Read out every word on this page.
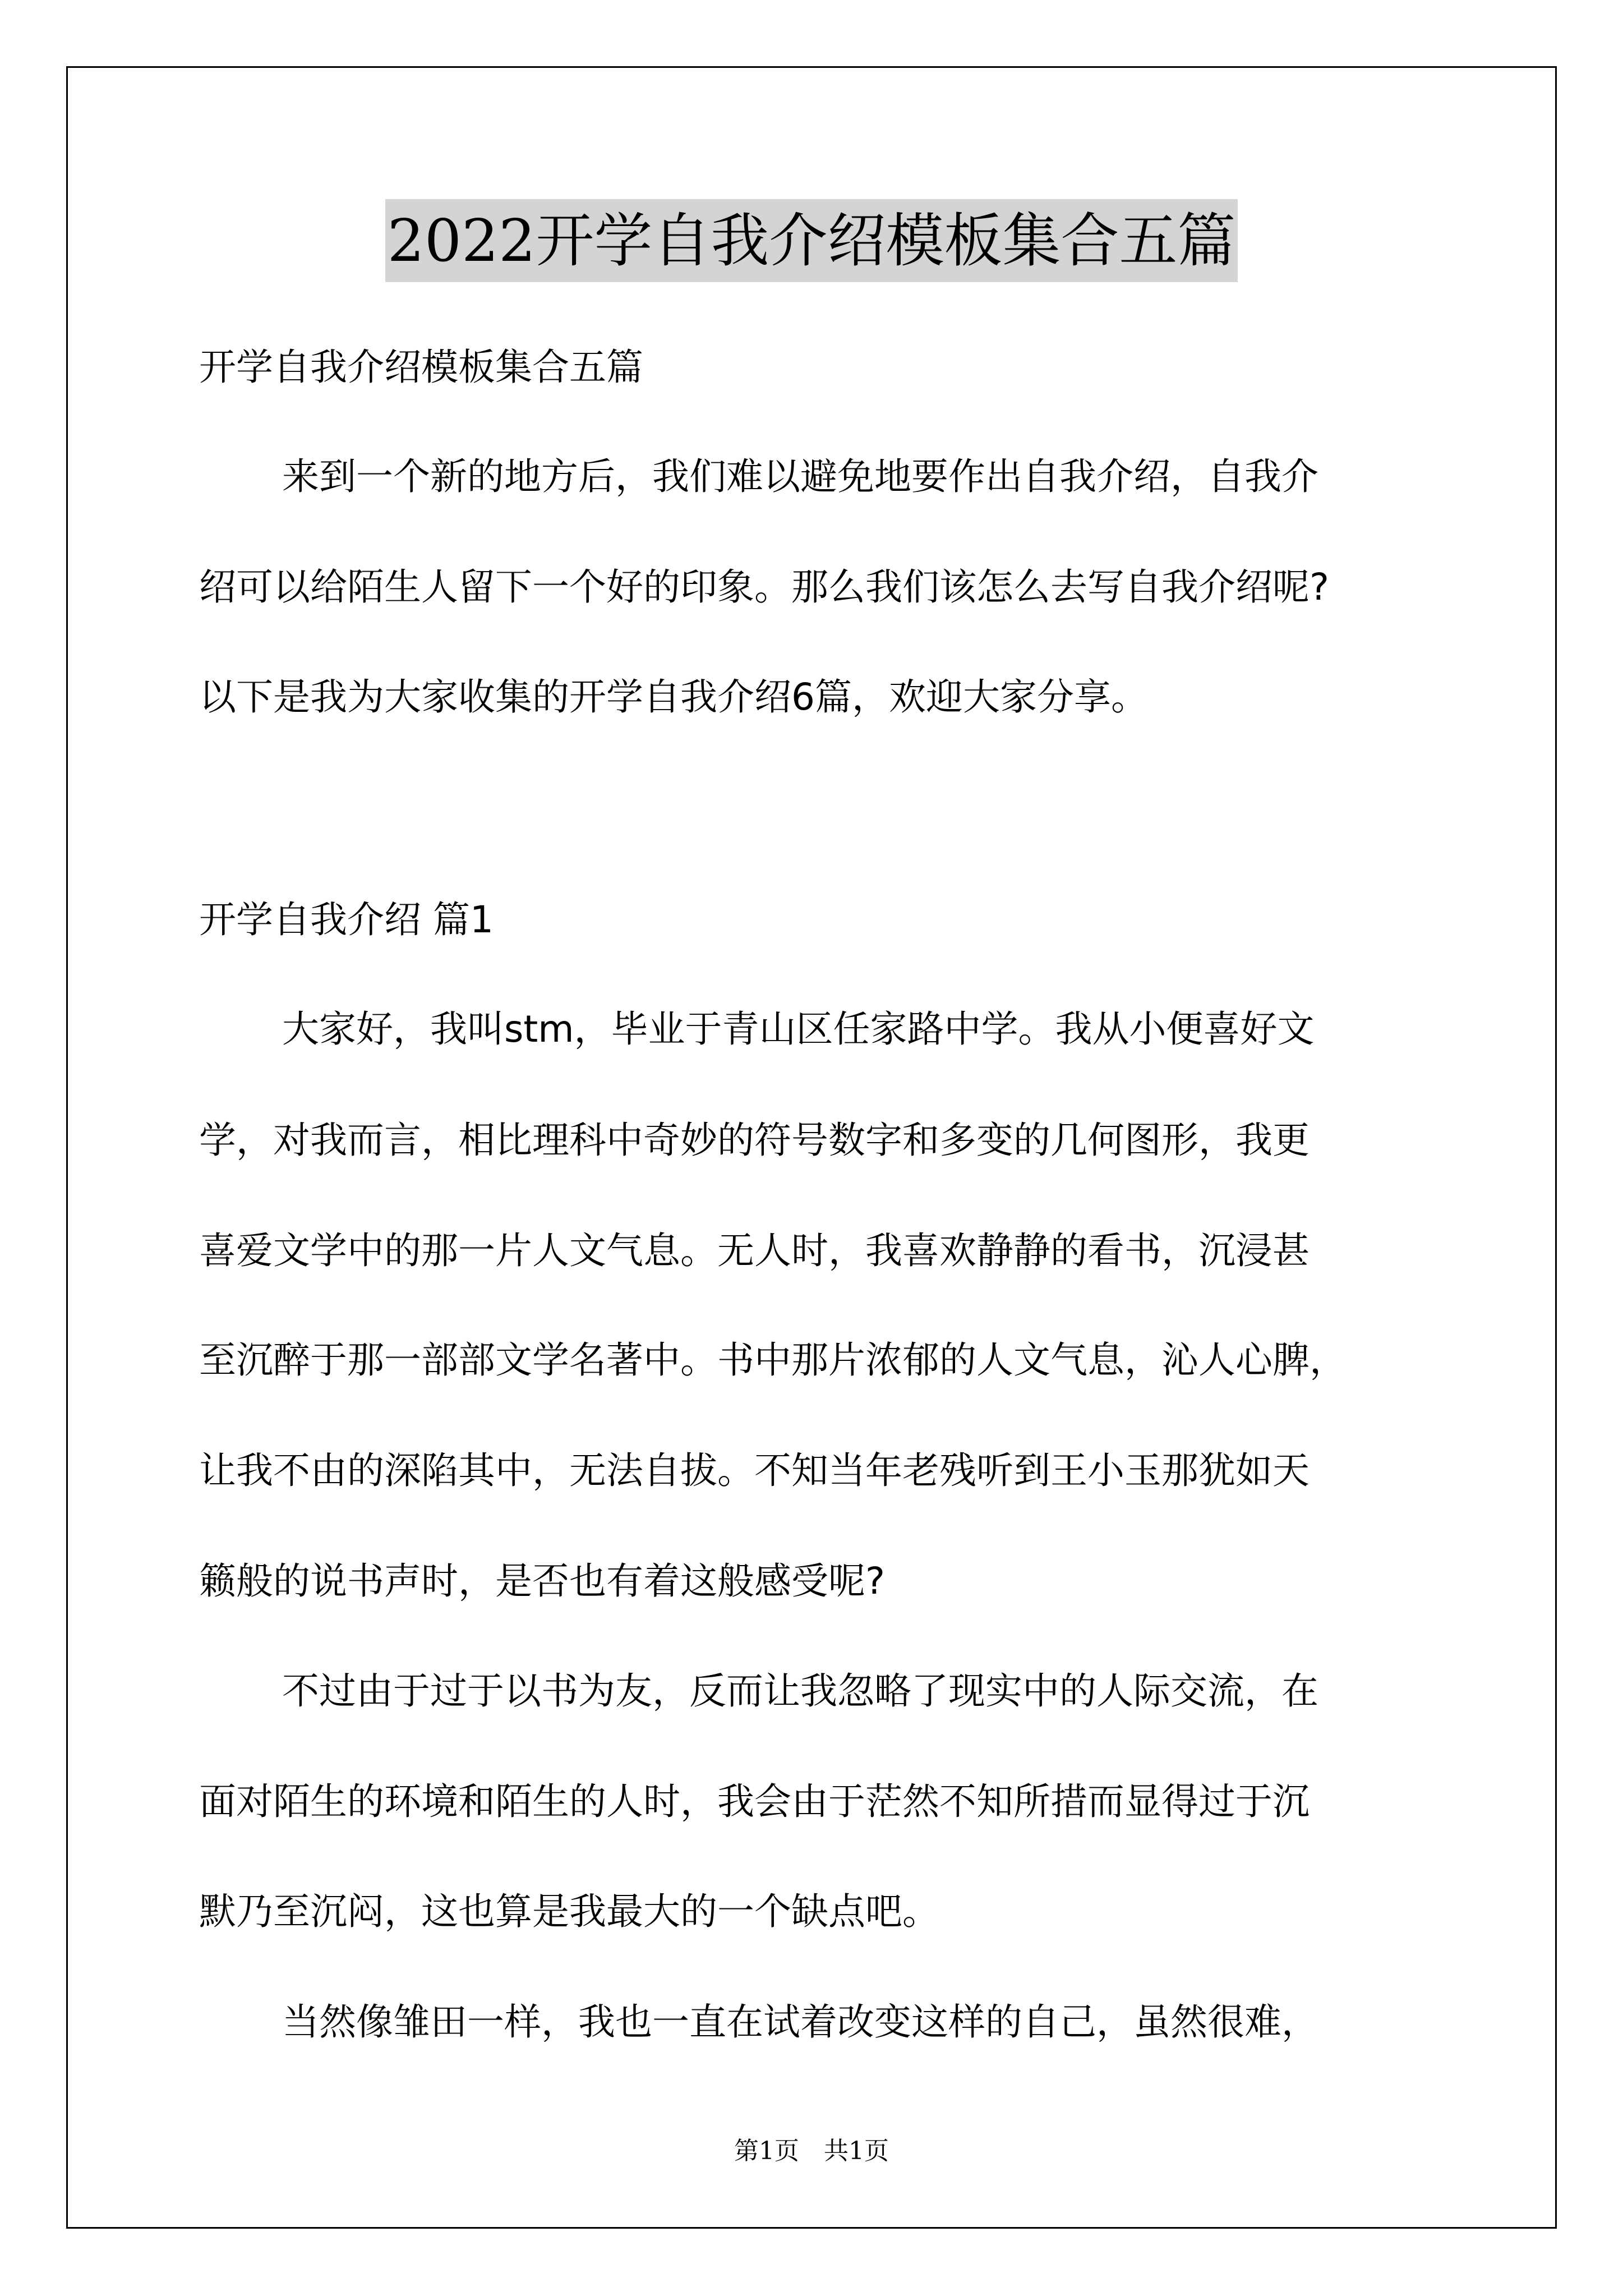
2022开学自我介绍模板集合五篇
开学自我介绍模板集合五篇
来到一个新的地方后，我们难以避免地要作出自我介绍，自我介
绍可以给陌生人留下一个好的印象。那么我们该怎么去写自我介绍呢?
以下是我为大家收集的开学自我介绍6篇，欢迎大家分享。
开学自我介绍 篇1
大家好，我叫stm，毕业于青山区任家路中学。我从小便喜好文
学，对我而言，相比理科中奇妙的符号数字和多变的几何图形，我更
喜爱文学中的那一片人文气息。无人时，我喜欢静静的看书，沉浸甚
至沉醉于那一部部文学名著中。书中那片浓郁的人文气息，沁人心脾，
让我不由的深陷其中，无法自拔。不知当年老残听到王小玉那犹如天
籁般的说书声时，是否也有着这般感受呢?
不过由于过于以书为友，反而让我忽略了现实中的人际交流，在
面对陌生的环境和陌生的人时，我会由于茫然不知所措而显得过于沉
默乃至沉闷，这也算是我最大的一个缺点吧。
当然像雏田一样，我也一直在试着改变这样的自己，虽然很难，
第1页　共1页
